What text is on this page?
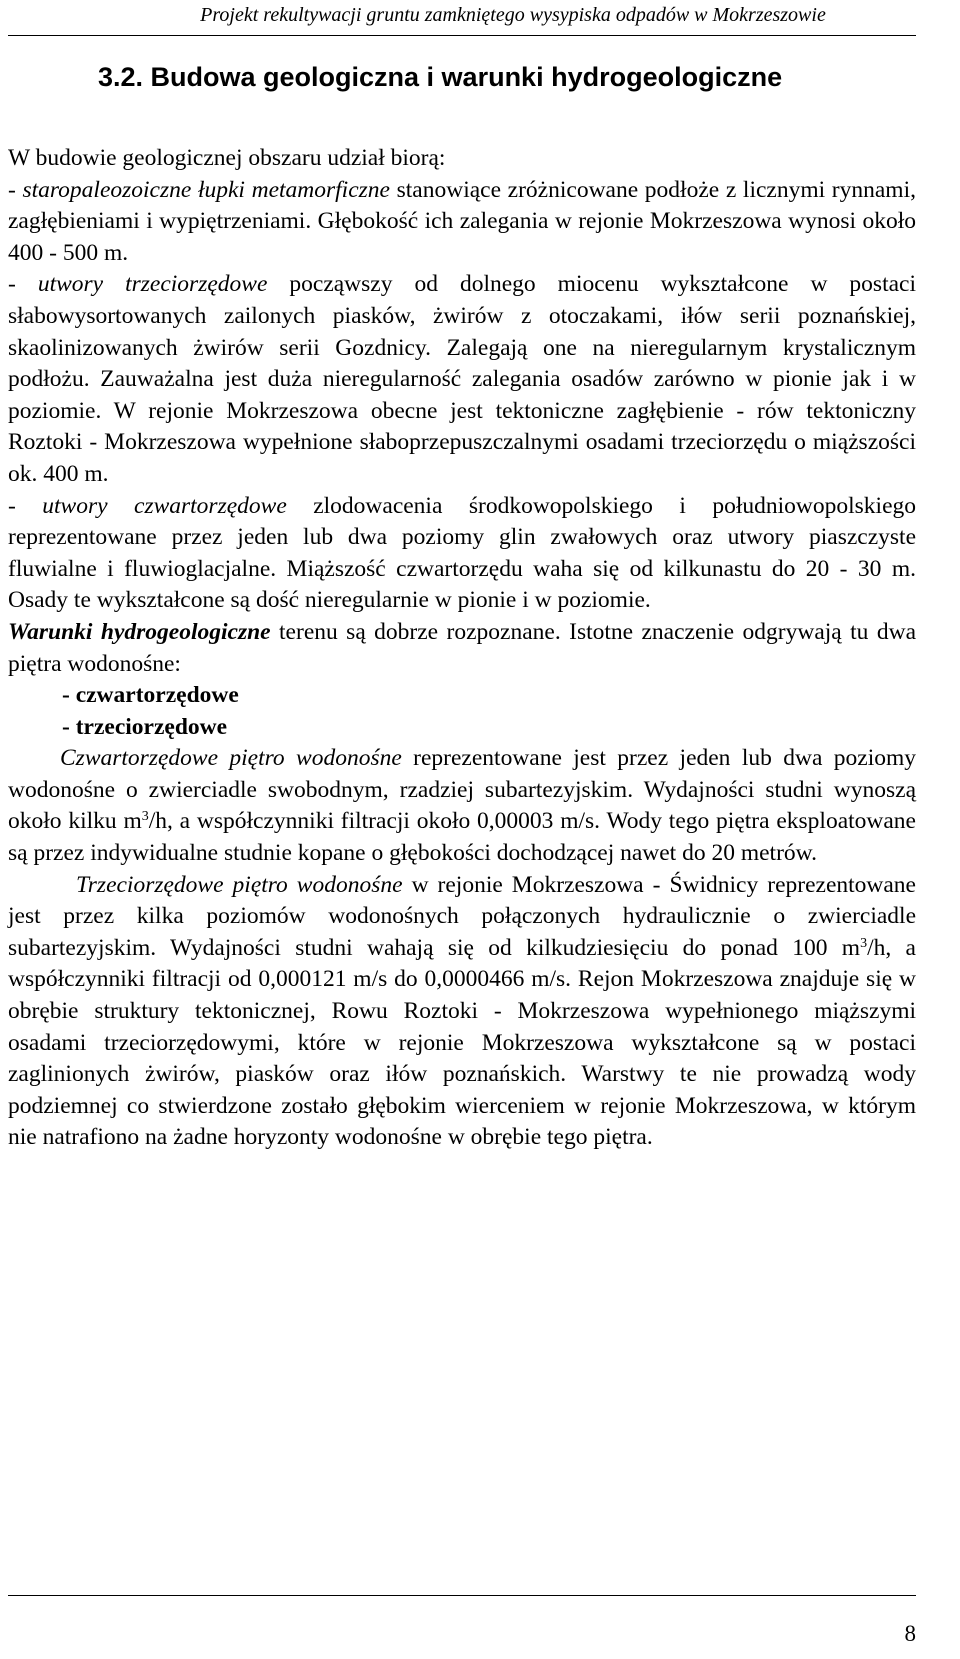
Projekt rekultywacji gruntu zamkniętego wysypiska odpadów w Mokrzeszowie
3.2. Budowa geologiczna i warunki hydrogeologiczne

W budowie geologicznej obszaru udział biorą:

- staropaleozoiczne łupki metamorficzne stanowiące zróżnicowane podłoże z licznymi rynnami, zagłębieniami i wypiętrzeniami. Głębokość ich zalegania w rejonie Mokrzeszowa wynosi około 400 - 500 m.

- utwory trzeciorzędowe począwszy od dolnego miocenu wykształcone w postaci słabowysortowanych zailonych piasków, żwirów z otoczakami, iłów serii poznańskiej, skaolinizowanych żwirów serii Gozdnicy. Zalegają one na nieregularnym krystalicznym podłożu. Zauważalna jest duża nieregularność zalegania osadów zarówno w pionie jak i w poziomie. W rejonie Mokrzeszowa obecne jest tektoniczne zagłębienie - rów tektoniczny Roztoki - Mokrzeszowa wypełnione słaboprzepuszczalnymi osadami trzeciorzędu o miąższości ok. 400 m.

- utwory czwartorzędowe zlodowacenia środkowopolskiego i południowopolskiego reprezentowane przez jeden lub dwa poziomy glin zwałowych oraz utwory piaszczyste fluwialne i fluwioglacjalne. Miąższość czwartorzędu waha się od kilkunastu do 20 - 30 m. Osady te wykształcone są dość nieregularnie w pionie i w poziomie.

Warunki hydrogeologiczne terenu są dobrze rozpoznane. Istotne znaczenie odgrywają tu dwa piętra wodonośne:

- czwartorzędowe

- trzeciorzędowe

Czwartorzędowe piętro wodonośne reprezentowane jest przez jeden lub dwa poziomy wodonośne o zwierciadle swobodnym, rzadziej subartezyjskim. Wydajności studni wynoszą około kilku $m^3/h$, a współczynniki filtracji około 0,00003 m/s. Wody tego piętra eksploatowane są przez indywidualne studnie kopane o głębokości dochodzącej nawet do 20 metrów.

Trzeciorzędowe piętro wodonośne w rejonie Mokrzeszowa - Świdnicy reprezentowane jest przez kilka poziomów wodonośnych połączonych hydraulicznie o zwierciadle subartezyjskim. Wydajności studni wahają się od kilkudziesięciu do ponad 100 $m^3/h$, a współczynniki filtracji od 0,000121 m/s do 0,0000466 m/s. Rejon Mokrzeszowa znajduje się w obrębie struktury tektonicznej, Rowu Roztoki - Mokrzeszowa wypełnionego miąższymi osadami trzeciorzędowymi, które w rejonie Mokrzeszowa wykształcone są w postaci zaglinionych żwirów, piasków oraz iłów poznańskich. Warstwy te nie prowadzą wody podziemnej co stwierdzone zostało głębokim wierceniem w rejonie Mokrzeszowa, w którym nie natrafiono na żadne horyzonty wodonośne w obrębie tego piętra.

8
